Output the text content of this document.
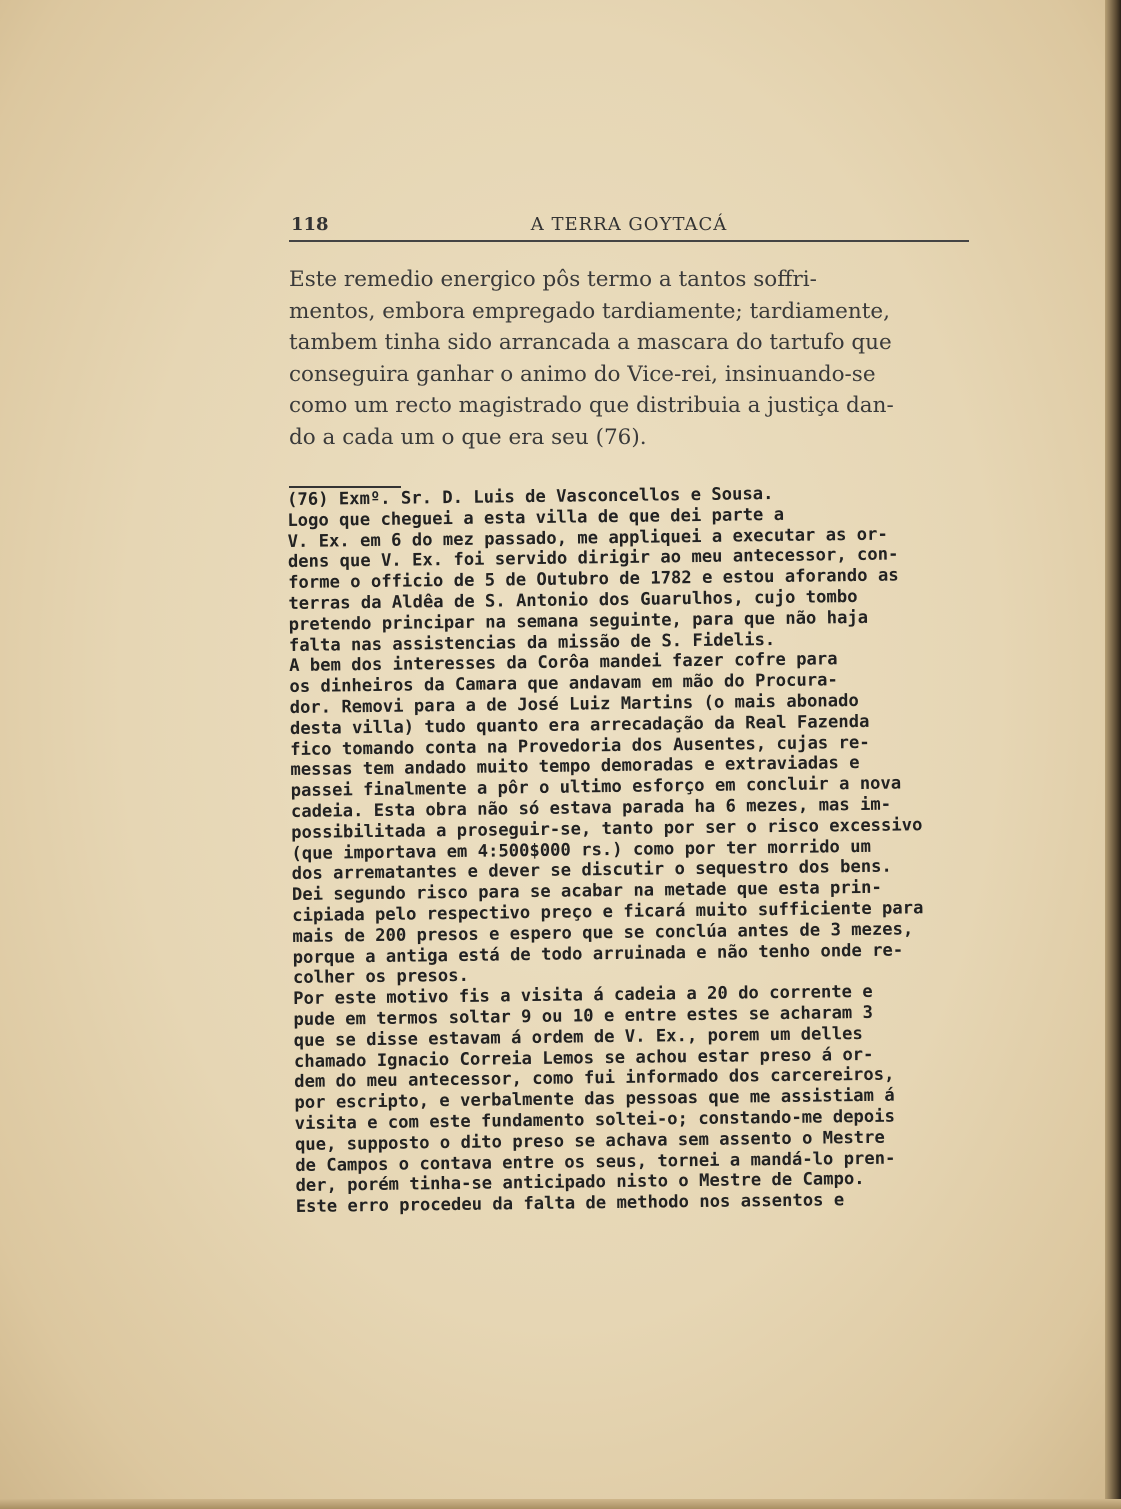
118	A TERRA GOYTACÁ

Este remedio energico pôs termo a tantos soffri-
mentos, embora empregado tardiamente; tardiamente,
tambem tinha sido arrancada a mascara do tartufo que
conseguira ganhar o animo do Vice-rei, insinuando-se
como um recto magistrado que distribuia a justiça dan-
do a cada um o que era seu (76).

(76) Exmº. Sr. D. Luis de Vasconcellos e Sousa.

Logo que cheguei a esta villa de que dei parte a
V. Ex. em 6 do mez passado, me appliquei a executar as or-
dens que V. Ex. foi servido dirigir ao meu antecessor, con-
forme o officio de 5 de Outubro de 1782 e estou aforando as
terras da Aldêa de S. Antonio dos Guarulhos, cujo tombo
pretendo principar na semana seguinte, para que não haja
falta nas assistencias da missão de S. Fidelis.

A bem dos interesses da Corôa mandei fazer cofre para
os dinheiros da Camara que andavam em mão do Procura-
dor. Removi para a de José Luiz Martins (o mais abonado
desta villa) tudo quanto era arrecadação da Real Fazenda
fico tomando conta na Provedoria dos Ausentes, cujas re-
messas tem andado muito tempo demoradas e extraviadas e
passei finalmente a pôr o ultimo esforço em concluir a nova
cadeia. Esta obra não só estava parada ha 6 mezes, mas im-
possibilitada a proseguir-se, tanto por ser o risco excessivo
(que importava em 4:500$000 rs.) como por ter morrido um
dos arrematantes e dever se discutir o sequestro dos bens.
Dei segundo risco para se acabar na metade que esta prin-
cipiada pelo respectivo preço e ficará muito sufficiente para
mais de 200 presos e espero que se conclúa antes de 3 mezes,
porque a antiga está de todo arruinada e não tenho onde re-
colher os presos.

Por este motivo fis a visita á cadeia a 20 do corrente e
pude em termos soltar 9 ou 10 e entre estes se acharam 3
que se disse estavam á ordem de V. Ex., porem um delles
chamado Ignacio Correia Lemos se achou estar preso á or-
dem do meu antecessor, como fui informado dos carcereiros,
por escripto, e verbalmente das pessoas que me assistiam á
visita e com este fundamento soltei-o; constando-me depois
que, supposto o dito preso se achava sem assento o Mestre
de Campos o contava entre os seus, tornei a mandá-lo pren-
der, porém tinha-se anticipado nisto o Mestre de Campo.

Este erro procedeu da falta de methodo nos assentos e
